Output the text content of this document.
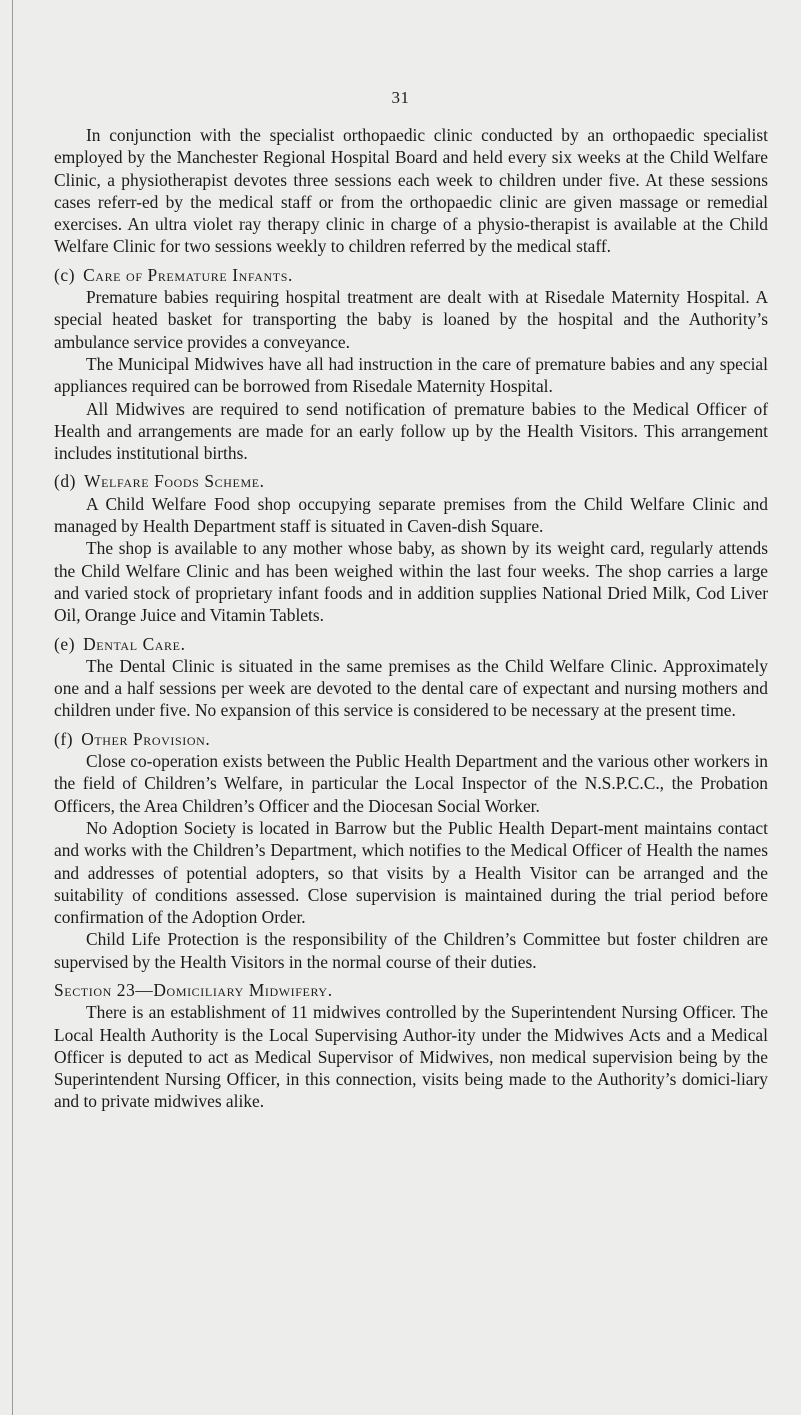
31

In conjunction with the specialist orthopaedic clinic conducted by an orthopaedic specialist employed by the Manchester Regional Hospital Board and held every six weeks at the Child Welfare Clinic, a physiotherapist devotes three sessions each week to children under five. At these sessions cases referr-ed by the medical staff or from the orthopaedic clinic are given massage or remedial exercises. An ultra violet ray therapy clinic in charge of a physio-therapist is available at the Child Welfare Clinic for two sessions weekly to children referred by the medical staff.

(c) Care of Premature Infants.

Premature babies requiring hospital treatment are dealt with at Risedale Maternity Hospital. A special heated basket for transporting the baby is loaned by the hospital and the Authority’s ambulance service provides a conveyance.

The Municipal Midwives have all had instruction in the care of premature babies and any special appliances required can be borrowed from Risedale Maternity Hospital.

All Midwives are required to send notification of premature babies to the Medical Officer of Health and arrangements are made for an early follow up by the Health Visitors. This arrangement includes institutional births.

(d) Welfare Foods Scheme.

A Child Welfare Food shop occupying separate premises from the Child Welfare Clinic and managed by Health Department staff is situated in Caven-dish Square.

The shop is available to any mother whose baby, as shown by its weight card, regularly attends the Child Welfare Clinic and has been weighed within the last four weeks. The shop carries a large and varied stock of proprietary infant foods and in addition supplies National Dried Milk, Cod Liver Oil, Orange Juice and Vitamin Tablets.

(e) Dental Care.

The Dental Clinic is situated in the same premises as the Child Welfare Clinic. Approximately one and a half sessions per week are devoted to the dental care of expectant and nursing mothers and children under five. No expansion of this service is considered to be necessary at the present time.

(f) Other Provision.

Close co-operation exists between the Public Health Department and the various other workers in the field of Children’s Welfare, in particular the Local Inspector of the N.S.P.C.C., the Probation Officers, the Area Children’s Officer and the Diocesan Social Worker.

No Adoption Society is located in Barrow but the Public Health Depart-ment maintains contact and works with the Children’s Department, which notifies to the Medical Officer of Health the names and addresses of potential adopters, so that visits by a Health Visitor can be arranged and the suitability of conditions assessed. Close supervision is maintained during the trial period before confirmation of the Adoption Order.

Child Life Protection is the responsibility of the Children’s Committee but foster children are supervised by the Health Visitors in the normal course of their duties.

Section 23—Domiciliary Midwifery.

There is an establishment of 11 midwives controlled by the Superintendent Nursing Officer. The Local Health Authority is the Local Supervising Author-ity under the Midwives Acts and a Medical Officer is deputed to act as Medical Supervisor of Midwives, non medical supervision being by the Superintendent Nursing Officer, in this connection, visits being made to the Authority’s domici-liary and to private midwives alike.
